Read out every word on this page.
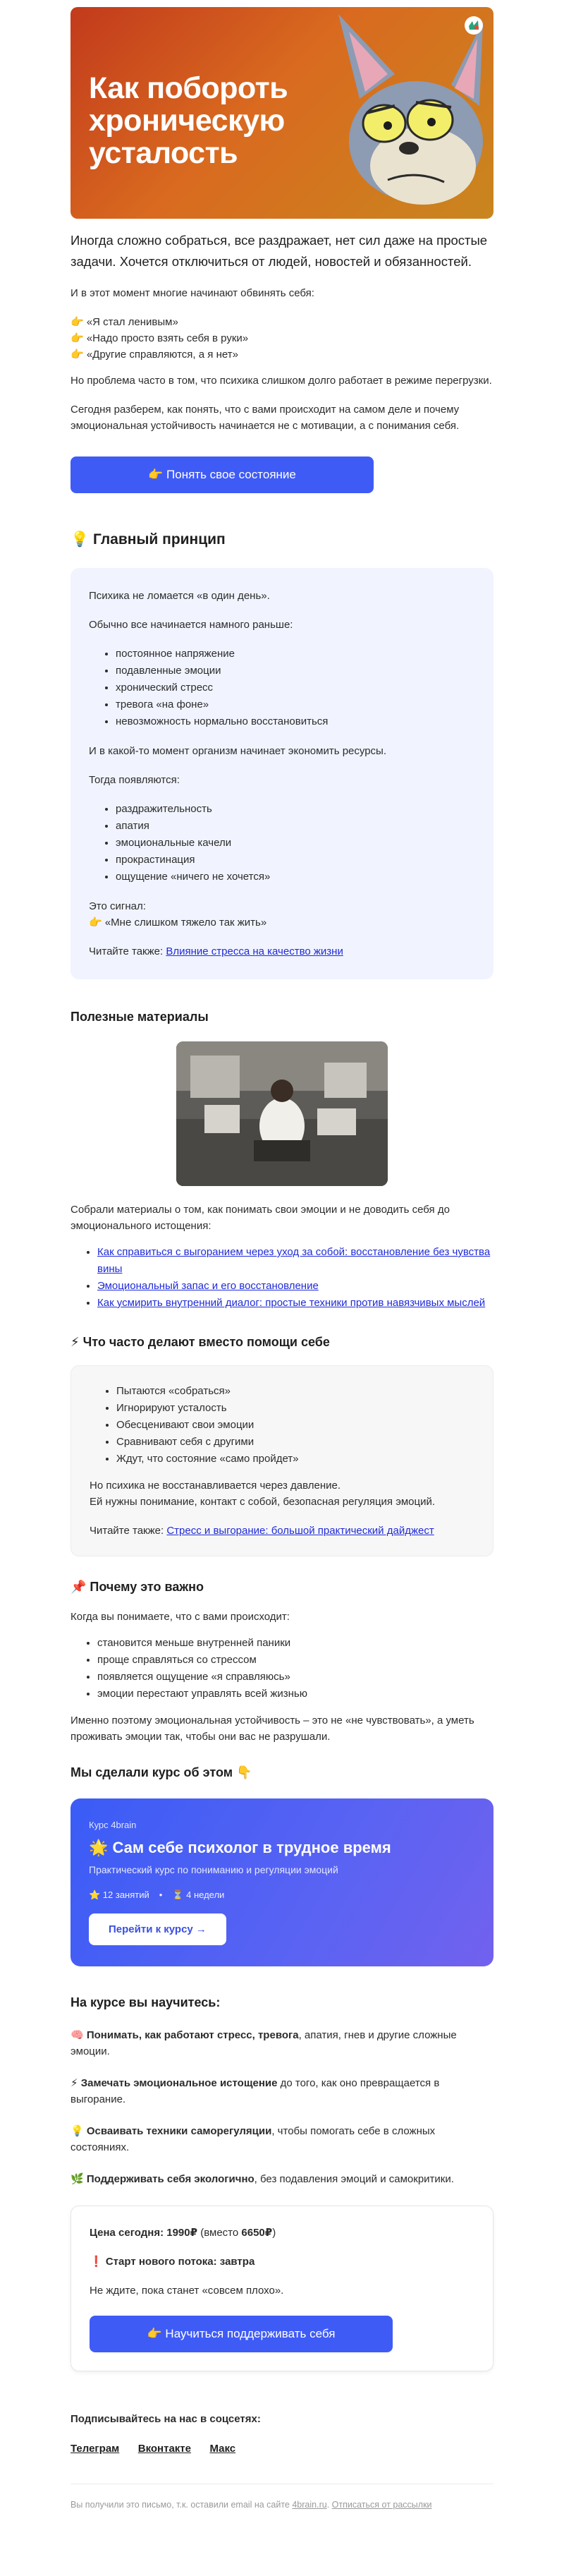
Как побороть
хроническую
усталость

Иногда сложно собраться, все раздражает, нет сил даже на простые задачи. Хочется отключиться от людей, новостей и обязанностей.

И в этот момент многие начинают обвинять себя:

👉 «Я стал ленивым»

👉 «Надо просто взять себя в руки»

👉 «Другие справляются, а я нет»

Но проблема часто в том, что психика слишком долго работает в режиме перегрузки.

Сегодня разберем, как понять, что с вами происходит на самом деле и почему эмоциональная устойчивость начинается не с мотивации, а с понимания себя.

👉 Понять свое состояние
💡 Главный принцип

Психика не ломается «в один день».

Обычно все начинается намного раньше:

• постоянное напряжение
• подавленные эмоции
• хронический стресс
• тревога «на фоне»
• невозможность нормально восстановиться

И в какой-то момент организм начинает экономить ресурсы.

Тогда появляются:

• раздражительность
• апатия
• эмоциональные качели
• прокрастинация
• ощущение «ничего не хочется»

Это сигнал:

👉 «Мне слишком тяжело так жить»

Читайте также: Влияние стресса на качество жизни

Полезные материалы

Собрали материалы о том, как понимать свои эмоции и не доводить себя до эмоционального истощения:

• Как справиться с выгоранием через уход за собой: восстановление без чувства вины
• Эмоциональный запас и его восстановление
• Как усмирить внутренний диалог: простые техники против навязчивых мыслей
⚡ Что часто делают вместо помощи себе
• Пытаются «собраться»
• Игнорируют усталость
• Обесценивают свои эмоции
• Сравнивают себя с другими
• Ждут, что состояние «само пройдет»

Но психика не восстанавливается через давление.

Ей нужны понимание, контакт с собой, безопасная регуляция эмоций.

Читайте также: Стресс и выгорание: большой практический дайджест

📌 Почему это важно

Когда вы понимаете, что с вами происходит:

• становится меньше внутренней паники
• проще справляться со стрессом
• появляется ощущение «я справляюсь»
• эмоции перестают управлять всей жизнью

Именно поэтому эмоциональная устойчивость – это не «не чувствовать», а уметь проживать эмоции так, чтобы они вас не разрушали.

Мы сделали курс об этом 👇
Курс 4brain
🌟 Сам себе психолог в трудное время
Практический курс по пониманию и регуляции эмоций
⭐ 12 занятий • ⏳ 4 недели
Перейти к курсу →
На курсе вы научитесь:

🧠 Понимать, как работают стресс, тревога, апатия, гнев и другие сложные эмоции.

⚡ Замечать эмоциональное истощение до того, как оно превращается в выгорание.

💡 Осваивать техники саморегуляции, чтобы помогать себе в сложных состояниях.

🌿 Поддерживать себя экологично, без подавления эмоций и самокритики.

Цена сегодня: 1990₽ (вместо 6650₽)

❗ Старт нового потока: завтра

Не ждите, пока станет «совсем плохо».

👉 Научиться поддерживать себя

Подписывайтесь на нас в соцсетях:

Телеграм Вконтакте Макс

Вы получили это письмо, т.к. оставили email на сайте 4brain.ru. Отписаться от рассылки
